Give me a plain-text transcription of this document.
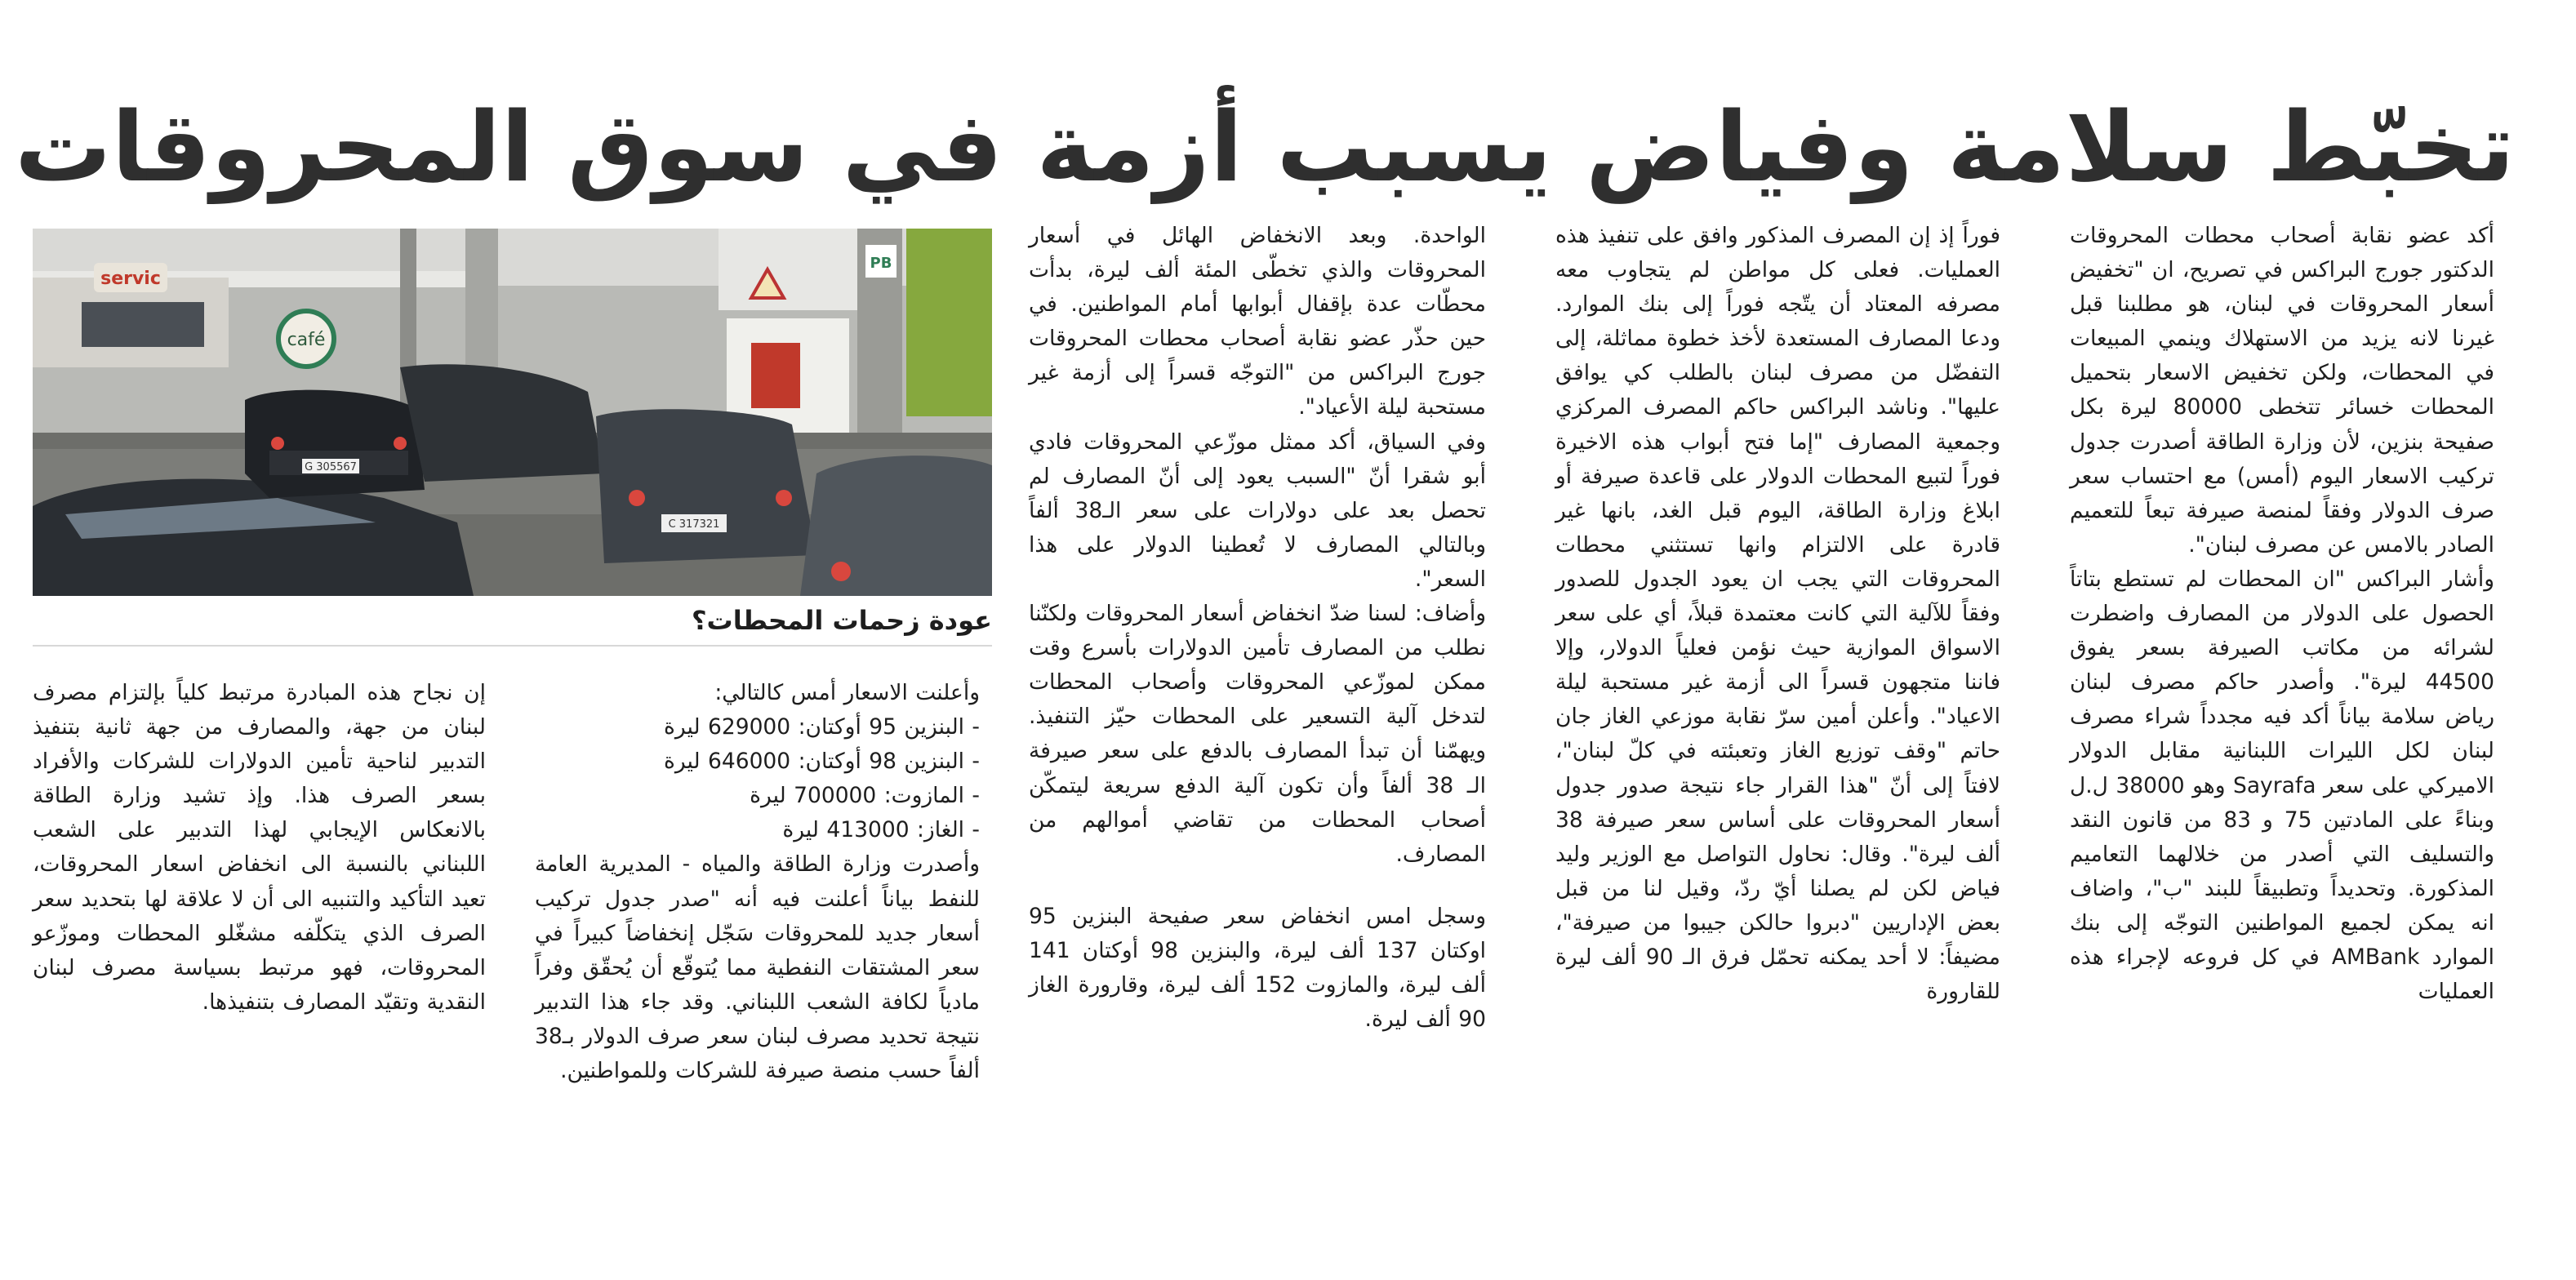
تخبّط سلامة وفياض يسبب أزمة في سوق المحروقات

أكد عضو نقابة أصحاب محطات المحروقات الدكتور جورج البراكس في تصريح، ان "تخفيض أسعار المحروقات في لبنان، هو مطلبنا قبل غيرنا لانه يزيد من الاستهلاك وينمي المبيعات في المحطات، ولكن تخفيض الاسعار بتحميل المحطات خسائر تتخطى 80000 ليرة بكل صفيحة بنزين، لأن وزارة الطاقة أصدرت جدول تركيب الاسعار اليوم (أمس) مع احتساب سعر صرف الدولار وفقاً لمنصة صيرفة تبعاً للتعميم الصادر بالامس عن مصرف لبنان".

وأشار البراكس "ان المحطات لم تستطع بتاتاً الحصول على الدولار من المصارف واضطرت لشرائه من مكاتب الصيرفة بسعر يفوق 44500 ليرة". وأصدر حاكم مصرف لبنان رياض سلامة بياناً أكد فيه مجدداً شراء مصرف لبنان لكل الليرات اللبنانية مقابل الدولار الاميركي على سعر Sayrafa وهو 38000 ل.ل وبناءً على المادتين 75 و 83 من قانون النقد والتسليف التي أصدر من خلالهما التعاميم المذكورة. وتحديداً وتطبيقاً للبند "ب"، واضاف انه يمكن لجميع المواطنين التوجّه إلى بنك الموارد AMBank في كل فروعه لإجراء هذه العمليات

فوراً إذ إن المصرف المذكور وافق على تنفيذ هذه العمليات. فعلى كل مواطن لم يتجاوب معه مصرفه المعتاد أن يتّجه فوراً إلى بنك الموارد. ودعا المصارف المستعدة لأخذ خطوة مماثلة، إلى التفضّل من مصرف لبنان بالطلب كي يوافق عليها". وناشد البراكس حاكم المصرف المركزي وجمعية المصارف "إما فتح أبواب هذه الاخيرة فوراً لتبيع المحطات الدولار على قاعدة صيرفة أو ابلاغ وزارة الطاقة، اليوم قبل الغد، بانها غير قادرة على الالتزام وانها تستثني محطات المحروقات التي يجب ان يعود الجدول للصدور وفقاً للآلية التي كانت معتمدة قبلاً، أي على سعر الاسواق الموازية حيث نؤمن فعلياً الدولار، وإلا فاننا متجهون قسراً الى أزمة غير مستحبة ليلة الاعياد". وأعلن أمين سرّ نقابة موزعي الغاز جان حاتم "وقف توزيع الغاز وتعبئته في كلّ لبنان"، لافتاً إلى أنّ "هذا القرار جاء نتيجة صدور جدول أسعار المحروقات على أساس سعر صيرفة 38 ألف ليرة". وقال: نحاول التواصل مع الوزير وليد فياض لكن لم يصلنا أيّ ردّ، وقيل لنا من قبل بعض الإداريين "دبروا حالكن جيبوا من صيرفة"، مضيفاً: لا أحد يمكنه تحمّل فرق الـ 90 ألف ليرة للقارورة

الواحدة. وبعد الانخفاض الهائل في أسعار المحروقات والذي تخطّى المئة ألف ليرة، بدأت محطّات عدة بإقفال أبوابها أمام المواطنين. في حين حذّر عضو نقابة أصحاب محطات المحروقات جورج البراكس من "التوجّه قسراً إلى أزمة غير مستحبة ليلة الأعياد".

وفي السياق، أكد ممثل موزّعي المحروقات فادي أبو شقرا أنّ "السبب يعود إلى أنّ المصارف لم تحصل بعد على دولارات على سعر الـ38 ألفاً وبالتالي المصارف لا تُعطينا الدولار على هذا السعر".

وأضاف: لسنا ضدّ انخفاض أسعار المحروقات ولكنّنا نطلب من المصارف تأمين الدولارات بأسرع وقت ممكن لموزّعي المحروقات وأصحاب المحطات لتدخل آلية التسعير على المحطات حيّز التنفيذ. ويهمّنا أن تبدأ المصارف بالدفع على سعر صيرفة الـ 38 ألفاً وأن تكون آلية الدفع سريعة ليتمكّن أصحاب المحطات من تقاضي أموالهم من المصارف.

وسجل امس انخفاض سعر صفيحة البنزين 95 اوكتان 137 ألف ليرة، والبنزين 98 أوكتان 141 ألف ليرة، والمازوت 152 ألف ليرة، وقارورة الغاز 90 ألف ليرة.

وأعلنت الاسعار أمس كالتالي:

- البنزين 95 أوكتان: 629000 ليرة

- البنزين 98 أوكتان: 646000 ليرة

- المازوت: 700000 ليرة

- الغاز: 413000 ليرة

وأصدرت وزارة الطاقة والمياه - المديرية العامة للنفط بياناً أعلنت فيه أنه "صدر جدول تركيب أسعار جديد للمحروقات سَجّل إنخفاضاً كبيراً في سعر المشتقات النفطية مما يُتوقّع أن يُحقّق وفراً مادياً لكافة الشعب اللبناني. وقد جاء هذا التدبير نتيجة تحديد مصرف لبنان سعر صرف الدولار بـ38 ألفاً حسب منصة صيرفة للشركات وللمواطنين.

إن نجاح هذه المبادرة مرتبط كلياً بإلتزام مصرف لبنان من جهة، والمصارف من جهة ثانية بتنفيذ التدبير لناحية تأمين الدولارات للشركات والأفراد بسعر الصرف هذا. وإذ تشيد وزارة الطاقة بالانعكاس الإيجابي لهذا التدبير على الشعب اللبناني بالنسبة الى انخفاض اسعار المحروقات، تعيد التأكيد والتنبيه الى أن لا علاقة لها بتحديد سعر الصرف الذي يتكلّفه مشغّلو المحطات وموزّعو المحروقات، فهو مرتبط بسياسة مصرف لبنان النقدية وتقيّد المصارف بتنفيذها.

servic
café
PB
G 305567
C 317321

عودة زحمات المحطات؟
